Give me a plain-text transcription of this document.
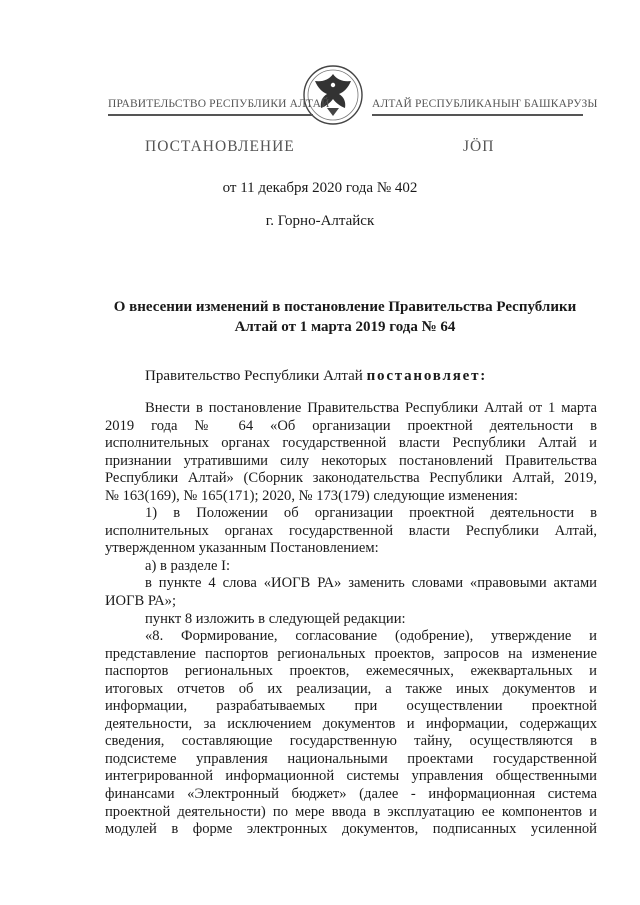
ПРАВИТЕЛЬСТВО РЕСПУБЛИКИ АЛТАЙ	АЛТАЙ РЕСПУБЛИКАНЫҤ БАШКАРУЗЫ
ПОСТАНОВЛЕНИЕ	ЈӦП
от 11 декабря 2020 года № 402
г. Горно-Алтайск
О внесении изменений в постановление Правительства Республики Алтай от 1 марта 2019 года № 64
Правительство Республики Алтай постановляет:

Внести в постановление Правительства Республики Алтай от 1 марта

2019 года № 64 «Об организации проектной деятельности в

исполнительных органах государственной власти Республики Алтай и

признании утратившими силу некоторых постановлений Правительства

Республики Алтай» (Сборник законодательства Республики Алтай, 2019,

№ 163(169), № 165(171); 2020, № 173(179) следующие изменения:

1) в Положении об организации проектной деятельности в

исполнительных органах государственной власти Республики Алтай,

утвержденном указанным Постановлением:

а) в разделе I:

в пункте 4 слова «ИОГВ РА» заменить словами «правовыми актами

ИОГВ РА»;

пункт 8 изложить в следующей редакции:

«8. Формирование, согласование (одобрение), утверждение и

представление паспортов региональных проектов, запросов на изменение

паспортов региональных проектов, ежемесячных, ежеквартальных и

итоговых отчетов об их реализации, а также иных документов и

информации, разрабатываемых при осуществлении проектной

деятельности, за исключением документов и информации, содержащих

сведения, составляющие государственную тайну, осуществляются в

подсистеме управления национальными проектами государственной

интегрированной информационной системы управления общественными

финансами «Электронный бюджет» (далее - информационная система

проектной деятельности) по мере ввода в эксплуатацию ее компонентов и

модулей в форме электронных документов, подписанных усиленной
